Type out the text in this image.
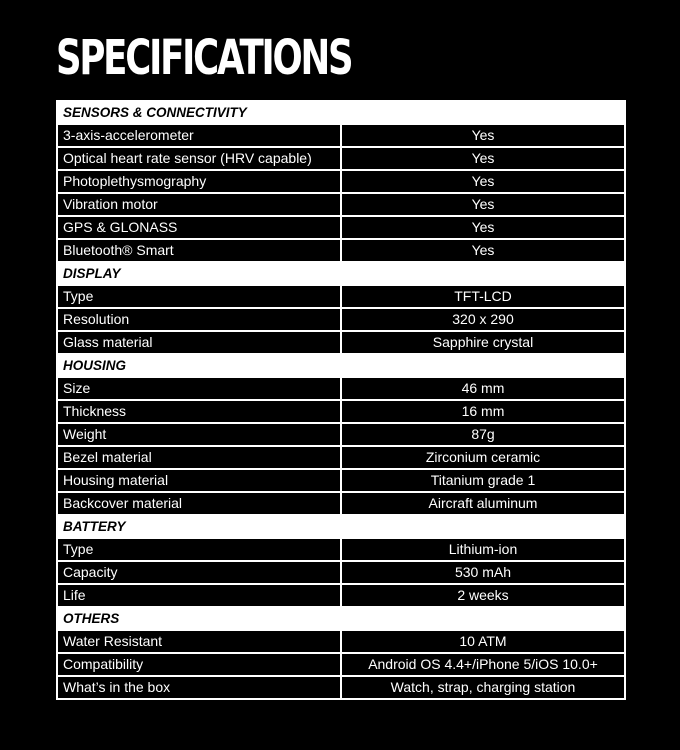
SPECIFICATIONS
SENSORS & CONNECTIVITY	
3-axis-accelerometer	Yes
Optical heart rate sensor (HRV capable)	Yes
Photoplethysmography	Yes
Vibration motor	Yes
GPS & GLONASS	Yes
Bluetooth® Smart	Yes
DISPLAY	
Type	TFT-LCD
Resolution	320 x 290
Glass material	Sapphire crystal
HOUSING	
Size	46 mm
Thickness	16 mm
Weight	87g
Bezel material	Zirconium ceramic
Housing material	Titanium grade 1
Backcover material	Aircraft aluminum
BATTERY	
Type	Lithium-ion
Capacity	530 mAh
Life	2 weeks
OTHERS	
Water Resistant	10 ATM
Compatibility	Android OS 4.4+/iPhone 5/iOS 10.0+
What’s in the box	Watch, strap, charging station
